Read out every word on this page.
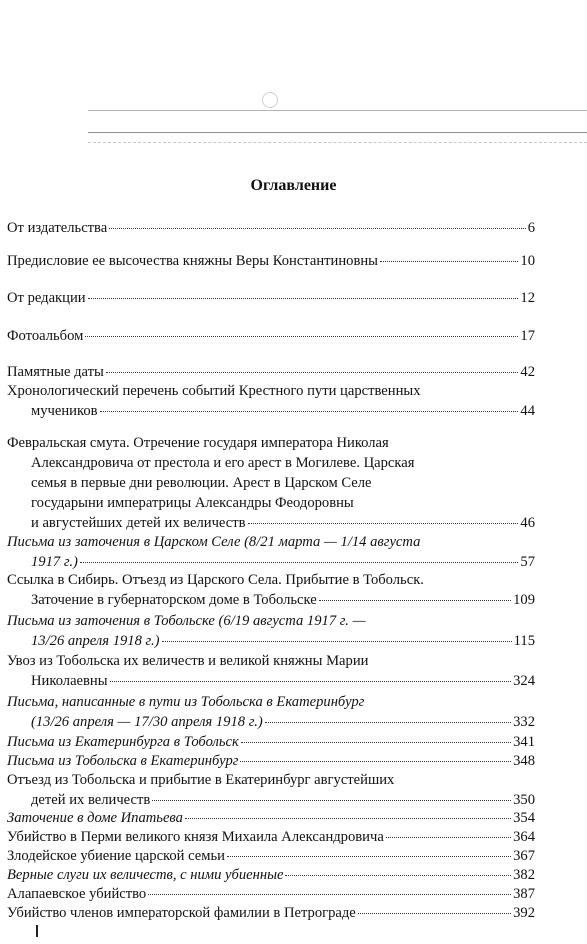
Оглавление
От издательства	6
Предисловие ее высочества княжны Веры Константиновны	10
От редакции	12
Фотоальбом	17
Памятные даты	42
Хронологический перечень событий Крестного пути царственных

мучеников	44
Февральская смута. Отречение государя императора Николая
Александровича от престола и его арест в Могилеве. Царская
семья в первые дни революции. Арест в Царском Селе
государыни императрицы Александры Феодоровны

и августейших детей их величеств	46
Письма из заточения в Царском Селе (8/21 марта — 1/14 августа

1917 г.)	57
Ссылка в Сибирь. Отъезд из Царского Села. Прибытие в Тобольск.

Заточение в губернаторском доме в Тобольске	109
Письма из заточения в Тобольске (6/19 августа 1917 г. —

13/26 апреля 1918 г.)	115
Увоз из Тобольска их величеств и великой княжны Марии

Николаевны	324
Письма, написанные в пути из Тобольска в Екатеринбург

(13/26 апреля — 17/30 апреля 1918 г.)	332
Письма из Екатеринбурга в Тобольск	341
Письма из Тобольска в Екатеринбург	348
Отъезд из Тобольска и прибытие в Екатеринбург августейших

детей их величеств	350
Заточение в доме Ипатьева	354
Убийство в Перми великого князя Михаила Александровича	364
Злодейское убиение царской семьи	367
Верные слуги их величеств, с ними убиенные	382
Алапаевское убийство	387
Убийство членов императорской фамилии в Петрограде	392
